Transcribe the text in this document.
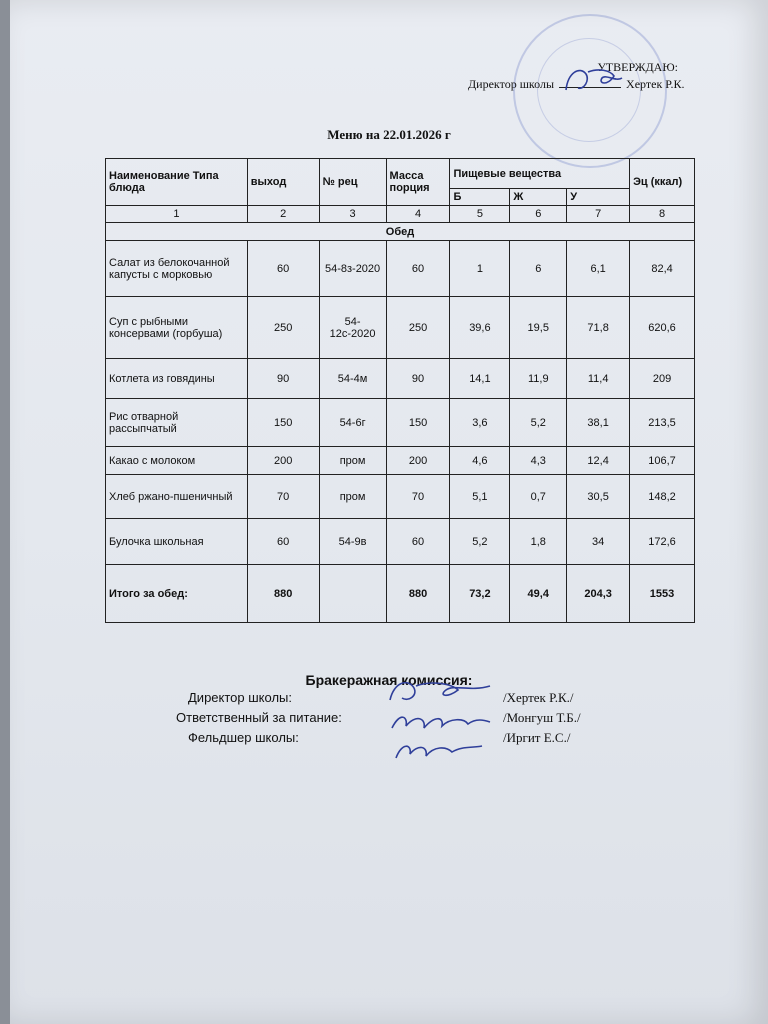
УТВЕРЖДАЮ:
Директор школы	Хертек Р.К.
Меню на 22.01.2026 г
Наименование Типа блюда	выход	№ рец	Масса порция	Пищевые вещества			Эц (ккал)
				Б	Ж	У	
1	2	3	4	5	6	7	8
Обед							
Салат из белокочанной капусты с морковью	60	54-8з-2020	60	1	6	6,1	82,4
Суп с рыбными консервами (горбуша)	250	54-12с-2020	250	39,6	19,5	71,8	620,6
Котлета из говядины	90	54-4м	90	14,1	11,9	11,4	209
Рис отварной рассыпчатый	150	54-6г	150	3,6	5,2	38,1	213,5
Какао с молоком	200	пром	200	4,6	4,3	12,4	106,7
Хлеб ржано-пшеничный	70	пром	70	5,1	0,7	30,5	148,2
Булочка школьная	60	54-9в	60	5,2	1,8	34	172,6
Итого за обед:	880		880	73,2	49,4	204,3	1553
Бракеражная комиссия:
Директор школы:	/Хертек Р.К./
Ответственный за питание:	/Монгуш Т.Б./
Фельдшер школы:	/Иргит Е.С./
